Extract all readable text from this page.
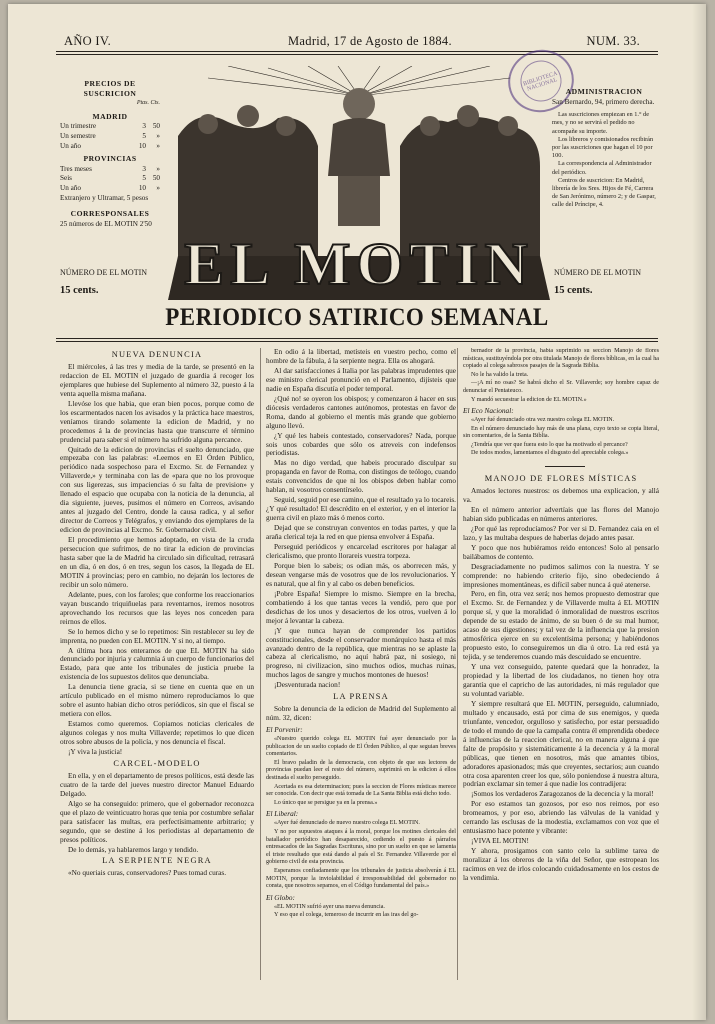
AÑO IV.	Madrid, 17 de Agosto de 1884.	NUM. 33.
BIBLIOTECA NACIONAL
PRECIOS DE SUSCRICION
Ptas. Cts.
MADRID
Un trimestre	3 50
Un semestre	5	»
Un año	10	»
PROVINCIAS
Tres meses	3	»
Seis	5 50
Un año	10	»
Extranjero y Ultramar, 5 pesos
CORRESPONSALES
25 números de EL MOTIN 2'50
ADMINISTRACION
San Bernardo, 94, primero derecha.
Las suscriciones empiezan en 1.° de mes, y no se servirá el pedido no acompañe su importe.
Los libreros y comisionados recibirán por las suscriciones que hagan el 10 por 100.
La correspondencia al Administrador del periódico.
Centros de suscricion: En Madrid, librería de los Sres. Hijos de Fé, Carrera de San Jerónimo, número 2; y de Gaspar, calle del Príncipe, 4.
EL MOTIN
NÚMERO DE EL MOTIN
15 cents.
NÚMERO DE EL MOTIN
15 cents.
PERIODICO SATIRICO SEMANAL

NUEVA DENUNCIA

El miércoles, á las tres y media de la tarde, se presentó en la redaccion de EL MOTIN el juzgado de guardia á recoger los ejemplares que hubiese del Suplemento al número 32, puesto á la venta aquella misma mañana.

Llevóse los que habia, que eran bien pocos, porque como de los escarmentados nacen los avisados y la práctica hace maestros, veníamos tirando solamente la edicion de Madrid, y no procedemos á la de provincias hasta que transcurre el término prudencial para saber si el número ha sufrido alguna percance.

Quitado de la edicion de provincias el suelto denunciado, que empezaba con las palabras: «Leemos en El Órden Público, periódico nada sospechoso para el Excmo. Sr. de Fernandez y Villaverde,» y terminaba con las de «para que no los provoque con sus ligerezas, sus impaciencias ó su falta de prevision» y llenado el espacio que ocupaba con la noticia de la denuncia, al dia siguiente, jueves, pusimos el número en Correos, avisando antes al juzgado del Centro, donde la causa radica, y al señor director de Correos y Telégrafos, y enviando dos ejemplares de la edicion de provincias al Excmo. Sr. Gobernador civil.

El procedimiento que hemos adoptado, en vista de la cruda persecucion que sufrimos, de no tirar la edicion de provincias hasta saber que la de Madrid ha circulado sin dificultad, retrasará en un dia, ó en dos, ó en tres, segun los casos, la llegada de EL MOTIN á provincias; pero en cambio, no dejarán los lectores de recibir un solo número.

Adelante, pues, con los faroles; que conforme los reaccionarios vayan buscando triquiñuelas para reventarnos, iremos nosotros aprovechando los recursos que las leyes nos conceden para reirnos de ellos.

Se lo hemos dicho y se lo repetimos: Sin restablecer su ley de imprenta, no pueden con EL MOTIN. Y si no, al tiempo.

A última hora nos enteramos de que EL MOTIN ha sido denunciado por injuria y calumnia á un cuerpo de funcionarios del Estado, para que ante los tribunales de justicia pruebe la existencia de los supuestos delitos que denunciaba.

La denuncia tiene gracia, si se tiene en cuenta que en un artículo publicado en el mismo número reproducíamos lo que sobre el asunto habian dicho otros periódicos, sin que el fiscal se metiera con ellos.

Estamos como queremos. Copiamos noticias clericales de algunos colegas y nos multa Villaverde; repetimos lo que dicen otros sobre abusos de la policía, y nos denuncia el fiscal.

¡Y viva la justicia!

CARCEL-MODELO

En ella, y en el departamento de presos políticos, está desde las cuatro de la tarde del jueves nuestro director Manuel Eduardo Delgado.

Algo se ha conseguido: primero, que el gobernador reconozca que el plazo de veinticuatro horas que tenia por costumbre señalar para satisfacer las multas, era perfectísimamente arbitrario; y segundo, que se destine á los periodistas al departamento de presos políticos.

De lo demás, ya hablaremos largo y tendido.

LA SERPIENTE NEGRA

«No queriais curas, conservadores? Pues tomad curas.

En odio á la libertad, metísteis en vuestro pecho, como el hombre de la fábula, á la serpiente negra. Ella os ahogará.

Al dar satisfacciones á Italia por las palabras imprudentes que ese ministro clerical pronunció en el Parlamento, dijísteis que nadie en España discutía el poder temporal.

¿Qué no! se oyeron los obispos; y comenzaron á hacer en sus diócesis verdaderos cantones autónomos, protestas en favor de Roma, dando al gobierno el mentís más grande que gobierno alguno llevó.

¿Y qué les habeis contestado, conservadores? Nada, porque sois unos cobardes que sólo os atreveis con indefensos periodistas.

Mas no digo verdad, que habeis procurado disculpar su propaganda en favor de Roma, con distingos de teólogo, cuando estais convencidos de que ni los obispos deben hablar como hablan, ni vosotros consentírselo.

Seguid, seguid por ese camino, que el resultado ya lo tocareis. ¿Y qué resultado! El descrédito en el exterior, y en el interior la guerra civil en plazo más ó menos corto.

Dejad que se construyan conventos en todas partes, y que la araña clerical teja la red en que piensa envolver á España.

Perseguid periódicos y encarcelad escritores por halagar al clericalismo, que pronto llorareis vuestra torpeza.

Porque bien lo sabeis; os odian más, os aborrecen más, y desean vengarse más de vosotros que de los revolucionarios. Y es natural, que al fin y al cabo os deben beneficios.

¡Pobre España! Siempre lo mismo. Siempre en la brecha, combatiendo á los que tantas veces la vendió, pero que por desdichas de los unos y desaciertos de los otros, vuelven á lo mejor á levantar la cabeza.

¡Y que nunca hayan de comprender los partidos constitucionales, desde el conservador monárquico hasta el más avanzado dentro de la república, que mientras no se aplaste la cabeza al clericalismo, no aquí habrá paz, ni sosiego, ni progreso, ni civilizacion, sino muchos odios, muchas ruinas, muchos lagos de sangre y muchos montones de huesos!

¡Desventurada nacion!

LA PRENSA

Sobre la denuncia de la edicion de Madrid del Suplemento al núm. 32, dicen:

El Porvenir:

«Nuestro querido colega EL MOTIN fué ayer denunciado por la publicacion de un suelto copiado de El Órden Público, al que seguian breves comentarios.

El bravo paladin de la democracia, con objeto de que sus lectores de provincias puedan leer el resto del número, suprimirá en la edicion á ellos destinada el suelto perseguido.

Acertada es esa determinacion; pues la seccion de Flores místicas merece ser conocida. Con decir que está tomada de La Santa Biblia está dicho todo.

Lo único que se persigue ya en la prensa.»

El Liberal:

«Ayer fué denunciado de nuevo nuestro colega EL MOTIN.

Y no por supuestos ataques á la moral, porque los motines clericales del batallador periódico han desaparecido, cediendo el puesto á párrafos entresacados de las Sagradas Escrituras, sino por un suelto en que se lamenta el triste resultado que está dando al país el Sr. Fernandez Villaverde por el gobierno civil de esta provincia.

Esperamos confiadamente que los tribunales de justicia absolverán á EL MOTIN, porque la inviolabilidad é irresponsabilidad del gobernador no consta, que nosotros sepamos, en el Código fundamental del país.»

El Globo:

«EL MOTIN sufrió ayer una nueva denuncia.

Y eso que el colega, temeroso de incurrir en las iras del go-

bernador de la provincia, había suprimido su seccion Manojo de flores místicas, sustituyéndola por otra titulada Manojo de flores bíblicas, en la cual ha copiado al colega sabrosos pasajes de la Sagrada Biblia.

No le ha valido la treta.

—¡A mí no osas? Se habrá dicho el Sr. Villaverde; soy hombre capaz de denunciar el Pentateuco.

Y mandó secuestrar la edicion de EL MOTIN.»

El Eco Nacional:

«Ayer fué denunciado otra vez nuestro colega EL MOTIN.

En el número denunciado hay más de una plana, cuyo texto se copia literal, sin comentarios, de la Santa Biblia.

¿Tendría que ver que fuera esto lo que ha motivado el percance?

De todos modos, lamentamos el disgusto del apreciable colega.»

MANOJO DE FLORES MÍSTICAS

Amados lectores nuestros: os debemos una explicacion, y allá va.

En el número anterior advertíais que las flores del Manojo habian sido publicadas en números anteriores.

¿Por qué las reproducíamos? Por ver si D. Fernandez caia en el lazo, y las multaba despues de haberlas dejado antes pasar.

Y poco que nos hubiéramos reido entonces! Solo al pensarlo bailábamos de contento.

Desgraciadamente no pudimos salirnos con la nuestra. Y se comprende: no habiendo criterio fijo, sino obedeciendo á impresiones momentáneas, es difícil saber nunca á qué atenerse.

Pero, en fin, otra vez será; nos hemos propuesto demostrar que el Excmo. Sr. de Fernandez y de Villaverde multa á EL MOTIN porque sí, y que la moralidad ó inmoralidad de nuestros escritos depende de su estado de ánimo, de su buen ó de su mal humor, acaso de sus digestiones; y tal vez de la influencia que la presion atmosférica ejerce en su excelentísima persona; y habiéndonos propuesto esto, lo conseguiremos un dia ú otro. La red está ya tejida, y se tenderemos cuando más descuidado se encuentre.

Y una vez conseguido, patente quedará que la honradez, la propiedad y la libertad de los ciudadanos, no tienen hoy otra garantía que el capricho de las autoridades, ni más regulador que su voluntad variable.

Y siempre resultará que EL MOTIN, perseguido, calumniado, multado y encausado, está por cima de sus enemigos, y queda triunfante, vencedor, orgulloso y satisfecho, por estar persuadido de todo el mundo de que la campaña contra él emprendida obedece á influencias de la reaccion clerical, no en manera alguna á que falte de propósito y sistemáticamente á la decencia y á la moral públicas, que tienen en nosotros, más que amantes tibios, adoradores apasionados; más que creyentes, sectarios; aun cuando otra cosa aparenten creer los que, sólo poniendose á nuestra altura, podrían exclamar sin temer á que nadie los contradijera:

¡Somos los verdaderos Zaragozanos de la decencia y la moral!

Por eso estamos tan gozosos, por eso nos reimos, por eso bromeamos, y por eso, abriendo las válvulas de la vanidad y cerrando las esclusas de la modestia, exclamamos con voz que el entusiasmo hace potente y vibrante:

¡VIVA EL MOTIN!

Y ahora, prosigamos con santo celo la sublime tarea de moralizar á los obreros de la viña del Señor, que estropean los racimos en vez de irlos colocando cuidadosamente en los cestos de la vendimia.
